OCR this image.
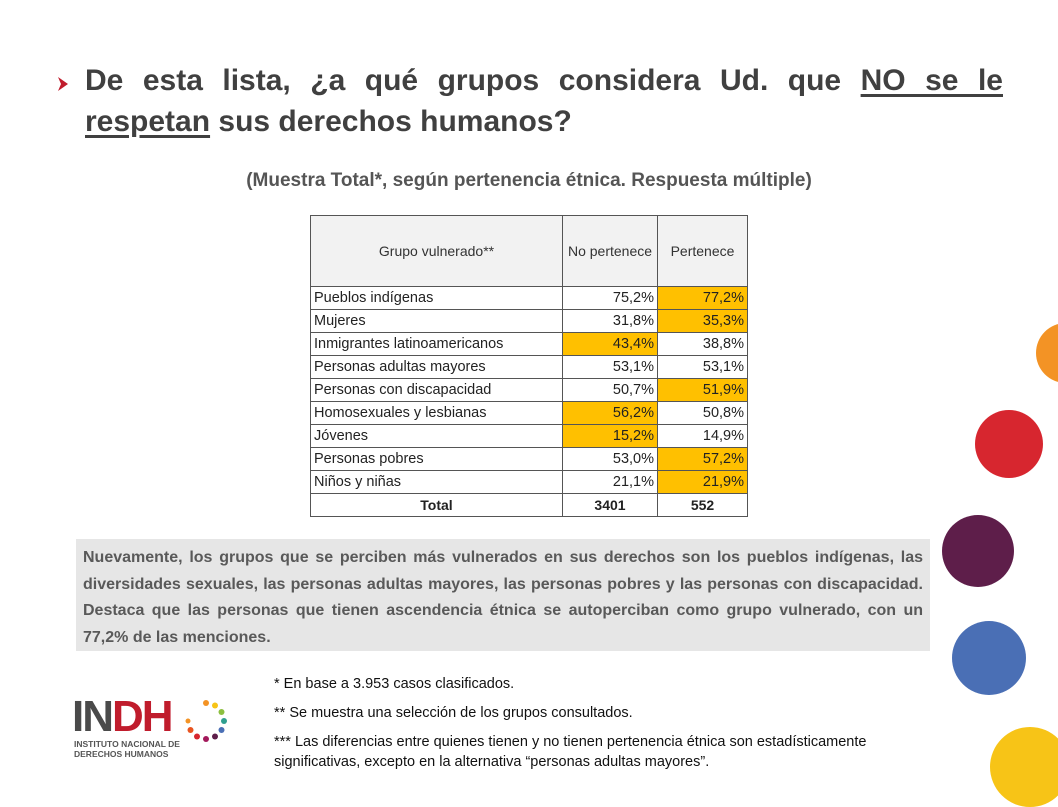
De esta lista, ¿a qué grupos considera Ud. que NO se le
respetan sus derechos humanos?
(Muestra Total*, según pertenencia étnica. Respuesta múltiple)
Grupo vulnerado**	No pertenece	Pertenece
Pueblos indígenas	75,2%	77,2%
Mujeres	31,8%	35,3%
Inmigrantes latinoamericanos	43,4%	38,8%
Personas adultas mayores	53,1%	53,1%
Personas con discapacidad	50,7%	51,9%
Homosexuales y lesbianas	56,2%	50,8%
Jóvenes	15,2%	14,9%
Personas pobres	53,0%	57,2%
Niños y niñas	21,1%	21,9%
Total	3401	552
Nuevamente, los grupos que se perciben más vulnerados en sus derechos son los pueblos indígenas, las diversidades sexuales, las personas adultas mayores, las personas pobres y las personas con discapacidad. Destaca que las personas que tienen ascendencia étnica se autoperciban como grupo vulnerado, con un 77,2% de las menciones.

* En base a 3.953 casos clasificados.

** Se muestra una selección de los grupos consultados.

*** Las diferencias entre quienes tienen y no tienen pertenencia étnica son estadísticamente significativas, excepto en la alternativa “personas adultas mayores”.

INDH
INSTITUTO NACIONAL DE
DERECHOS HUMANOS
